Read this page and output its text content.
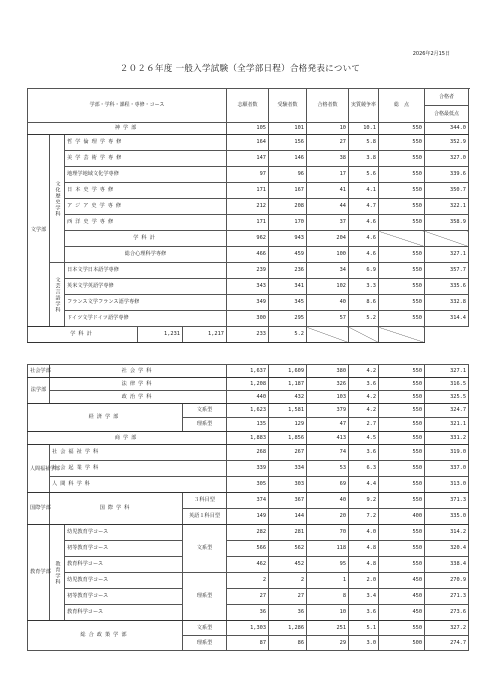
2026年2月15日
２０２６年度 一般入学試験（全学部日程）合格発表について
学部・学科・課程・専修・コース					志願者数	受験者数	合格者数	実質競争率	総　点	合格者	
										合格最低点	
神学部					105	101	10	10.1	550	344.0	
文学部	文化歴史学科	哲学倫理学専修			164	156	27	5.8	550	352.9	
		美学芸術学専修			147	146	38	3.8	550	327.0	
		地理学地域文化学専修			97	96	17	5.6	550	339.6	
		日本史学専修			171	167	41	4.1	550	350.7	
		アジア史学専修			212	208	44	4.7	550	322.1	
		西洋史学専修			171	170	37	4.6	550	358.9	
		学科計			962	943	204	4.6			
		総合心理科学専修			466	459	100	4.6	550	327.1	
	文芸言語学科	日本文学日本語学専修			239	236	34	6.9	550	357.7	
		英米文学英語学専修			343	341	102	3.3	550	335.6	
		フランス文学フランス語学専修			349	345	40	8.6	550	332.8	
		ドイツ文学ドイツ語学専修			300	295	57	5.2	550	314.4	
学科計			1,231	1,217	233	5.2					
社会学部	社会学科			1,637	1,609	380	4.2	550	327.1	
法学部	法律学科			1,208	1,187	326	3.6	550	316.5	
	政治学科			440	432	103	4.2	550	325.5	
経済学部			文系型	1,623	1,581	379	4.2	550	324.7	
			理系型	135	129	47	2.7	550	321.1	
商学部				1,883	1,856	413	4.5	550	331.2	
人間福祉学部	社会福祉学科			268	267	74	3.6	550	319.0	
	社会起業学科			339	334	53	6.3	550	337.0	
	人間科学科			305	303	69	4.4	550	313.0	
国際学部	国際学科		３科目型	374	367	40	9.2	550	371.3	
			英語１科目型	149	144	20	7.2	400	335.0	
教育学部	教育学科	幼児教育学コース	文系型	282	281	70	4.0	550	314.2	
		初等教育学コース		566	562	118	4.8	550	320.4	
		教育科学コース		462	452	95	4.8	550	338.4	
		幼児教育学コース	理系型	2	2	1	2.0	450	270.9	
		初等教育学コース		27	27	8	3.4	450	271.3	
		教育科学コース		36	36	10	3.6	450	273.6	
総合政策学部			文系型	1,303	1,286	251	5.1	550	327.2	
			理系型	87	86	29	3.0	500	274.7	
